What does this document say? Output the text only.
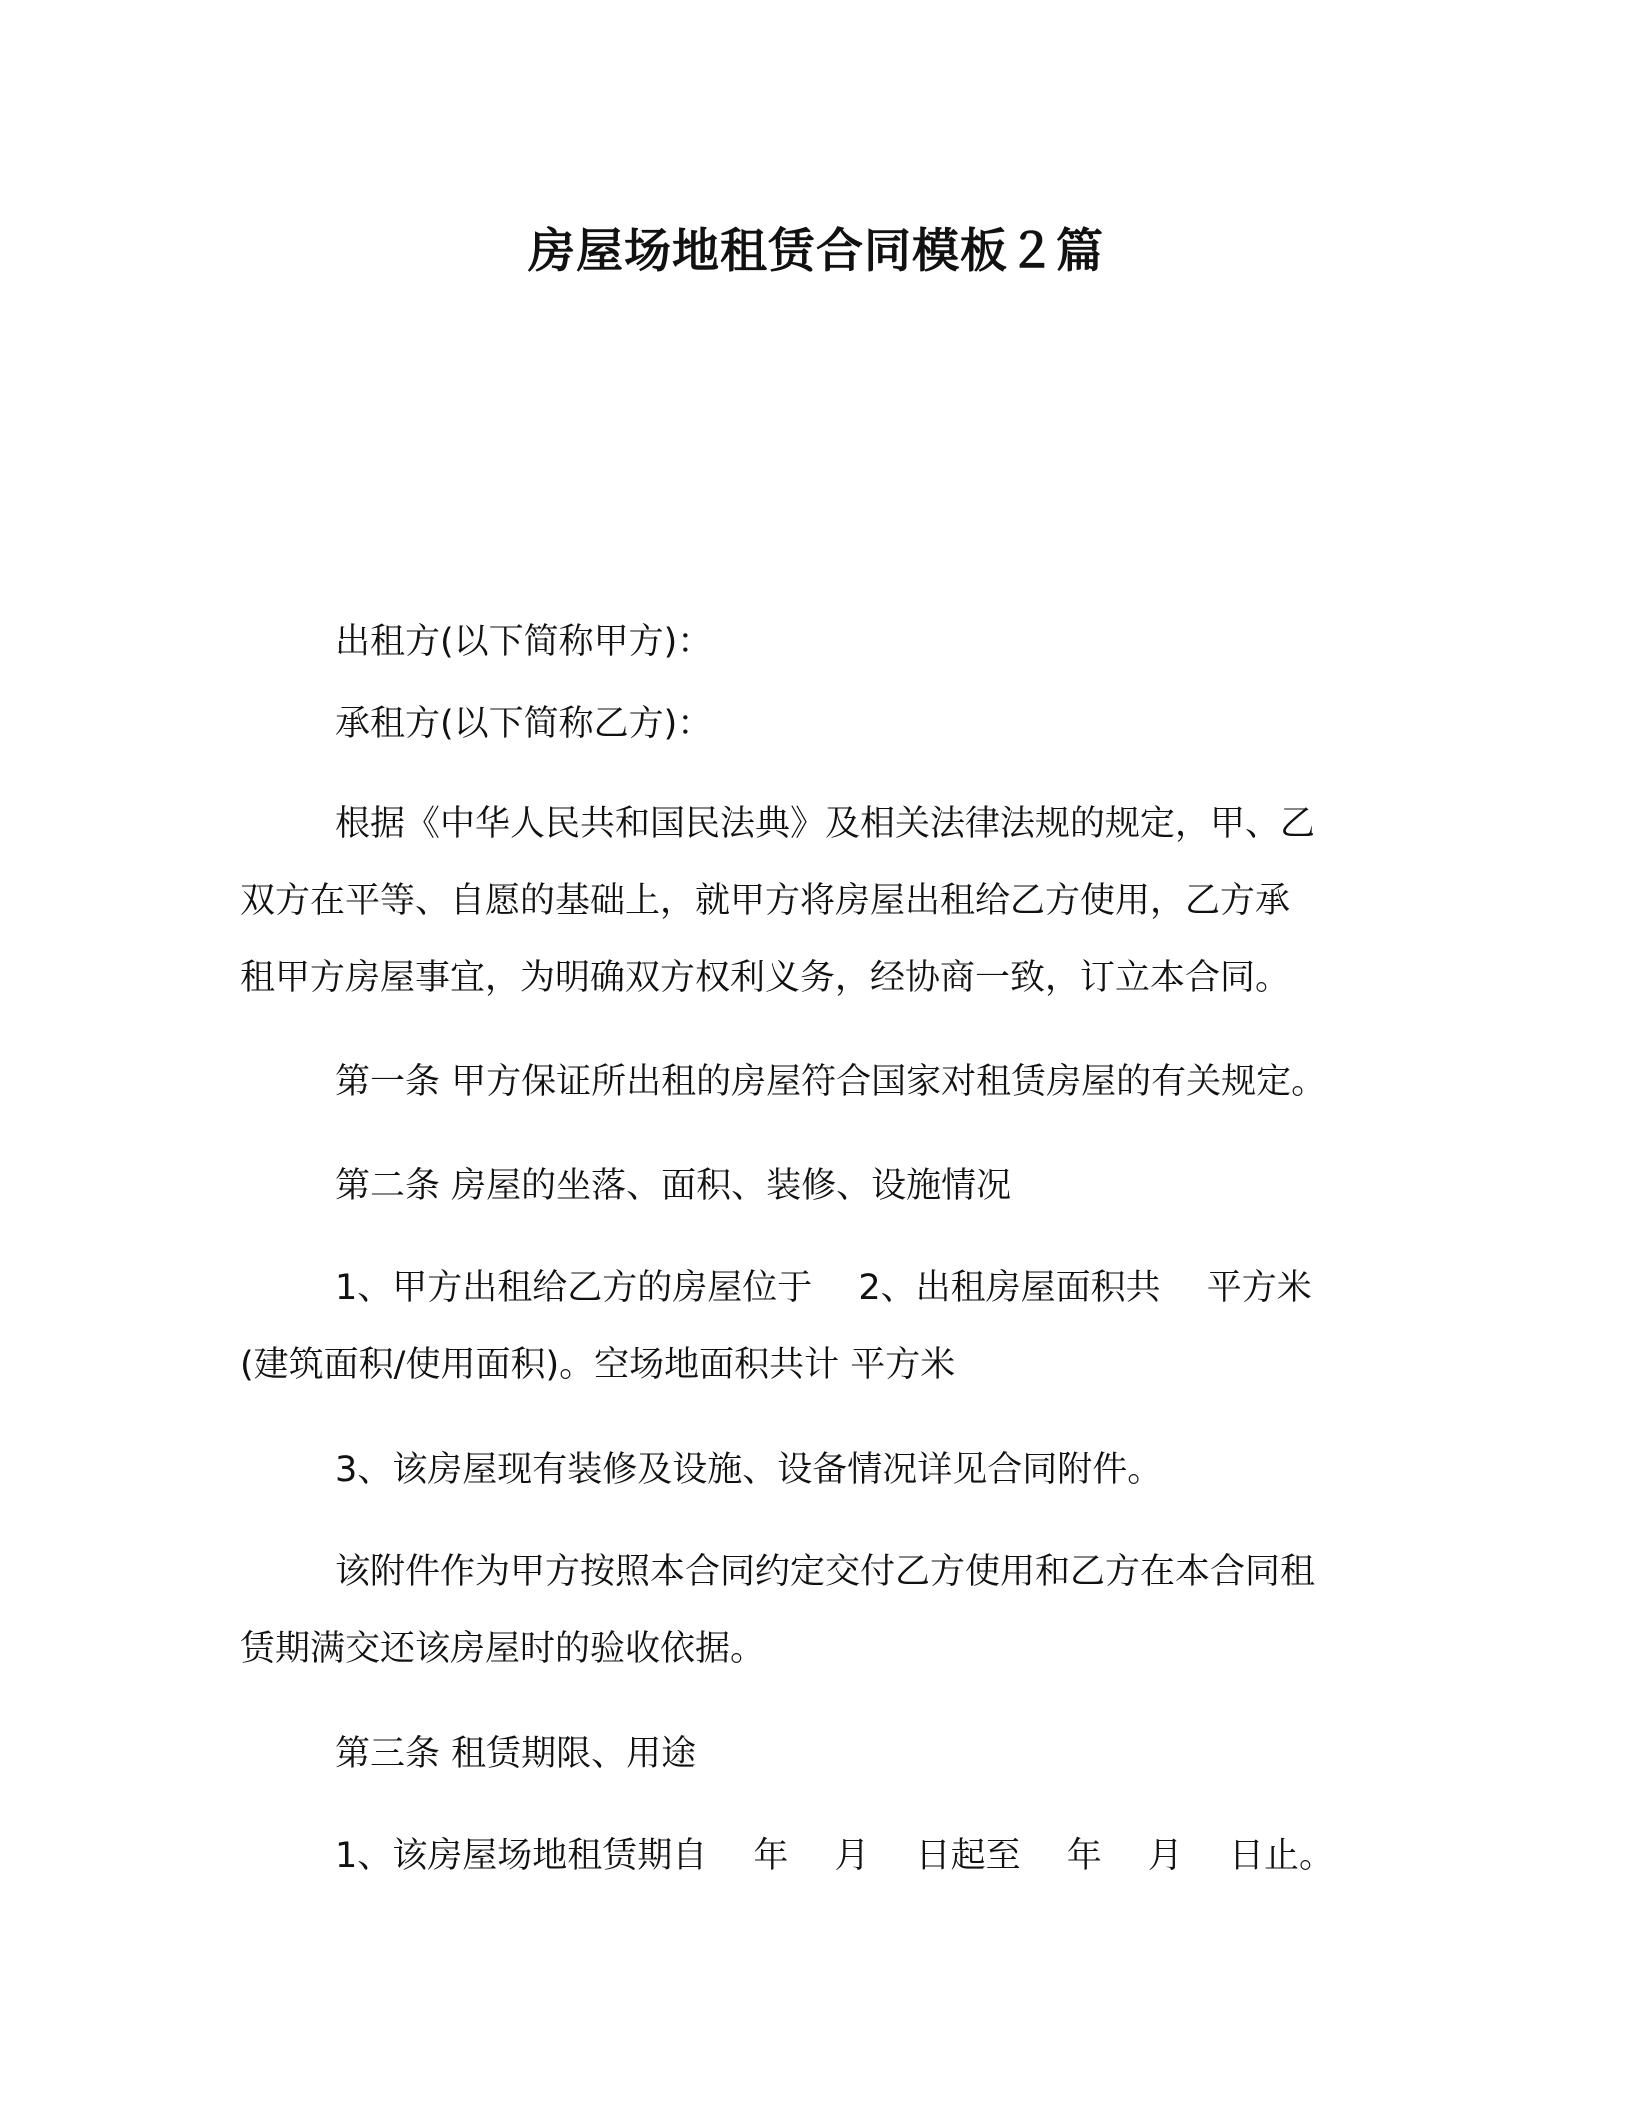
房屋场地租赁合同模板２篇
出租方(以下简称甲方)：
承租方(以下简称乙方)：
根据《中华人民共和国民法典》及相关法律法规的规定，甲、乙
双方在平等、自愿的基础上，就甲方将房屋出租给乙方使用，乙方承
租甲方房屋事宜，为明确双方权利义务，经协商一致，订立本合同。
第一条 甲方保证所出租的房屋符合国家对租赁房屋的有关规定。
第二条 房屋的坐落、面积、装修、设施情况
1、甲方出租给乙方的房屋位于　 2、出租房屋面积共　 平方米
(建筑面积/使用面积)。空场地面积共计 平方米
3、该房屋现有装修及设施、设备情况详见合同附件。
该附件作为甲方按照本合同约定交付乙方使用和乙方在本合同租
赁期满交还该房屋时的验收依据。
第三条 租赁期限、用途
1、该房屋场地租赁期自　 年　 月　 日起至　 年　 月　 日止。
